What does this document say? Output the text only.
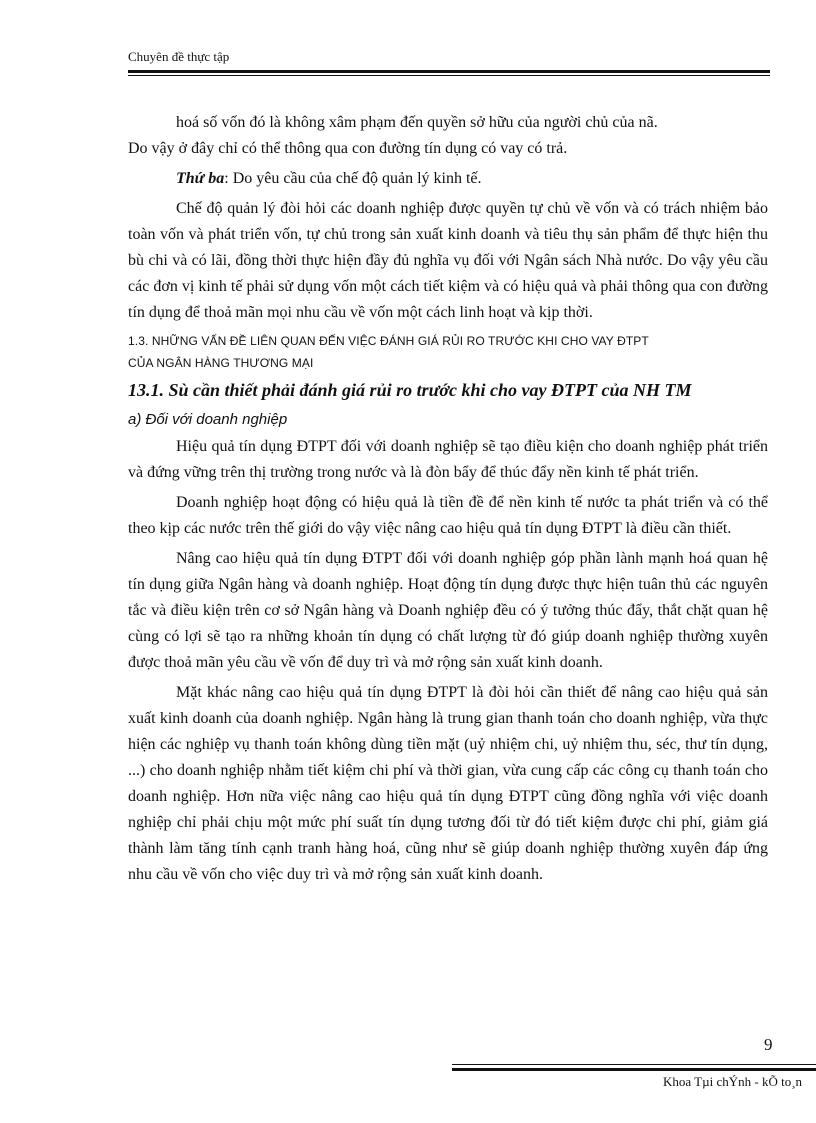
Chuyên đề thực tập

hoá số vốn đó là không xâm phạm đến quyền sở hữu của người chủ của nã.

Do vậy ở đây chỉ có thể thông qua con đường tín dụng có vay có trả.

Thứ ba: Do yêu cầu của chế độ quản lý kinh tế.

Chế độ quản lý đòi hỏi các doanh nghiệp được quyền tự chủ về vốn và có trách nhiệm bảo toàn vốn và phát triển vốn, tự chủ trong sản xuất kinh doanh và tiêu thụ sản phẩm để thực hiện thu bù chi và có lãi, đồng thời thực hiện đầy đủ nghĩa vụ đối với Ngân sách Nhà nước. Do vậy yêu cầu các đơn vị kinh tế phải sử dụng vốn một cách tiết kiệm và có hiệu quả và phải thông qua con đường tín dụng để thoả mãn mọi nhu cầu về vốn một cách linh hoạt và kịp thời.

1.3. NHỮNG VẤN ĐỀ LIÊN QUAN ĐẾN VIỆC ĐÁNH GIÁ RỦI RO TRƯỚC KHI CHO VAY ĐTPT
CỦA NGÂN HÀNG THƯƠNG MẠI
13.1. Sù cần thiết phải đánh giá rủi ro trước khi cho vay ĐTPT của NH TM
a) Đối với doanh nghiệp

Hiệu quả tín dụng ĐTPT đối với doanh nghiệp sẽ tạo điều kiện cho doanh nghiệp phát triển và đứng vững trên thị trường trong nước và là đòn bẩy để thúc đẩy nền kinh tế phát triển.

Doanh nghiệp hoạt động có hiệu quả là tiền đề để nền kinh tế nước ta phát triển và có thể theo kịp các nước trên thế giới do vậy việc nâng cao hiệu quả tín dụng ĐTPT là điều cần thiết.

Nâng cao hiệu quả tín dụng ĐTPT đối với doanh nghiệp góp phần lành mạnh hoá quan hệ tín dụng giữa Ngân hàng và doanh nghiệp. Hoạt động tín dụng được thực hiện tuân thủ các nguyên tắc và điều kiện trên cơ sở Ngân hàng và Doanh nghiệp đều có ý tưởng thúc đẩy, thắt chặt quan hệ cùng có lợi sẽ tạo ra những khoản tín dụng có chất lượng từ đó giúp doanh nghiệp thường xuyên được thoả mãn yêu cầu về vốn để duy trì và mở rộng sản xuất kinh doanh.

Mặt khác nâng cao hiệu quả tín dụng ĐTPT là đòi hỏi cần thiết để nâng cao hiệu quả sản xuất kinh doanh của doanh nghiệp. Ngân hàng là trung gian thanh toán cho doanh nghiệp, vừa thực hiện các nghiệp vụ thanh toán không dùng tiền mặt (uỷ nhiệm chi, uỷ nhiệm thu, séc, thư tín dụng, ...) cho doanh nghiệp nhằm tiết kiệm chi phí và thời gian, vừa cung cấp các công cụ thanh toán cho doanh nghiệp. Hơn nữa việc nâng cao hiệu quả tín dụng ĐTPT cũng đồng nghĩa với việc doanh nghiệp chỉ phải chịu một mức phí suất tín dụng tương đối từ đó tiết kiệm được chi phí, giảm giá thành làm tăng tính cạnh tranh hàng hoá, cũng như sẽ giúp doanh nghiệp thường xuyên đáp ứng nhu cầu về vốn cho việc duy trì và mở rộng sản xuất kinh doanh.

9
Khoa Tµi chÝnh - kÕ to¸n
